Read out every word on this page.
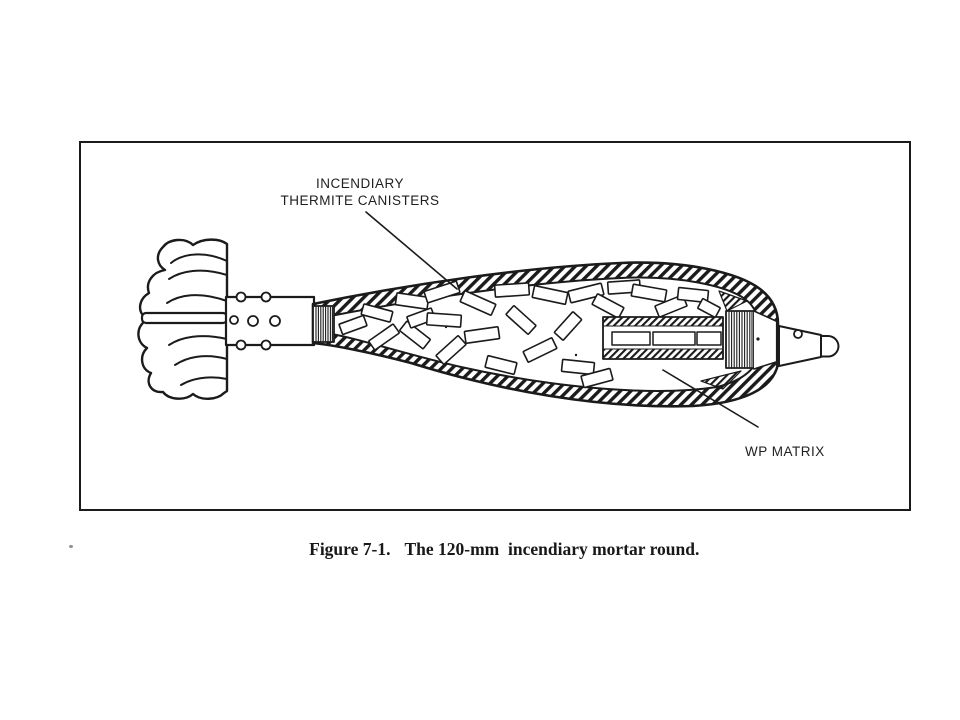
INCENDIARY
THERMITE CANISTERS
WP MATRIX

Figure 7-1. The 120-mm  incendiary mortar round.
